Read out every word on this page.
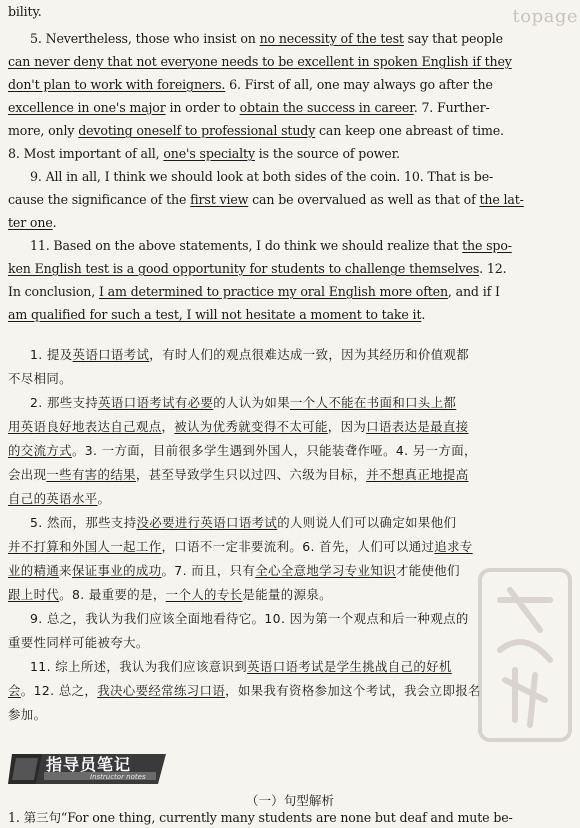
topage
bility.
5. Nevertheless, those who insist on no necessity of the test say that people
can never deny that not everyone needs to be excellent in spoken English if they
don't plan to work with foreigners. 6. First of all, one may always go after the
excellence in one's major in order to obtain the success in career. 7. Further-
more, only devoting oneself to professional study can keep one abreast of time.
8. Most important of all, one's specialty is the source of power.
9. All in all, I think we should look at both sides of the coin. 10. That is be-
cause the significance of the first view can be overvalued as well as that of the lat-
ter one.
11. Based on the above statements, I do think we should realize that the spo-
ken English test is a good opportunity for students to challenge themselves. 12.
In conclusion, I am determined to practice my oral English more often, and if I
am qualified for such a test, I will not hesitate a moment to take it.
1. 提及英语口语考试，有时人们的观点很难达成一致，因为其经历和价值观都
不尽相同。
2. 那些支持英语口语考试有必要的人认为如果一个人不能在书面和口头上都
用英语良好地表达自己观点，被认为优秀就变得不太可能，因为口语表达是最直接
的交流方式。3. 一方面，目前很多学生遇到外国人，只能装聋作哑。4. 另一方面，
会出现一些有害的结果，甚至导致学生只以过四、六级为目标，并不想真正地提高
自己的英语水平。
5. 然而，那些支持没必要进行英语口语考试的人则说人们可以确定如果他们
并不打算和外国人一起工作，口语不一定非要流利。6. 首先，人们可以通过追求专
业的精通来保证事业的成功。7. 而且，只有全心全意地学习专业知识才能使他们
跟上时代。8. 最重要的是，一个人的专长是能量的源泉。
9. 总之，我认为我们应该全面地看待它。10. 因为第一个观点和后一种观点的
重要性同样可能被夸大。
11. 综上所述，我认为我们应该意识到英语口语考试是学生挑战自己的好机
会。12. 总之，我决心要经常练习口语，如果我有资格参加这个考试，我会立即报名
参加。
指导员笔记
Instructor notes
（一）句型解析
1. 第三句“For one thing, currently many students are none but deaf and mute be-
